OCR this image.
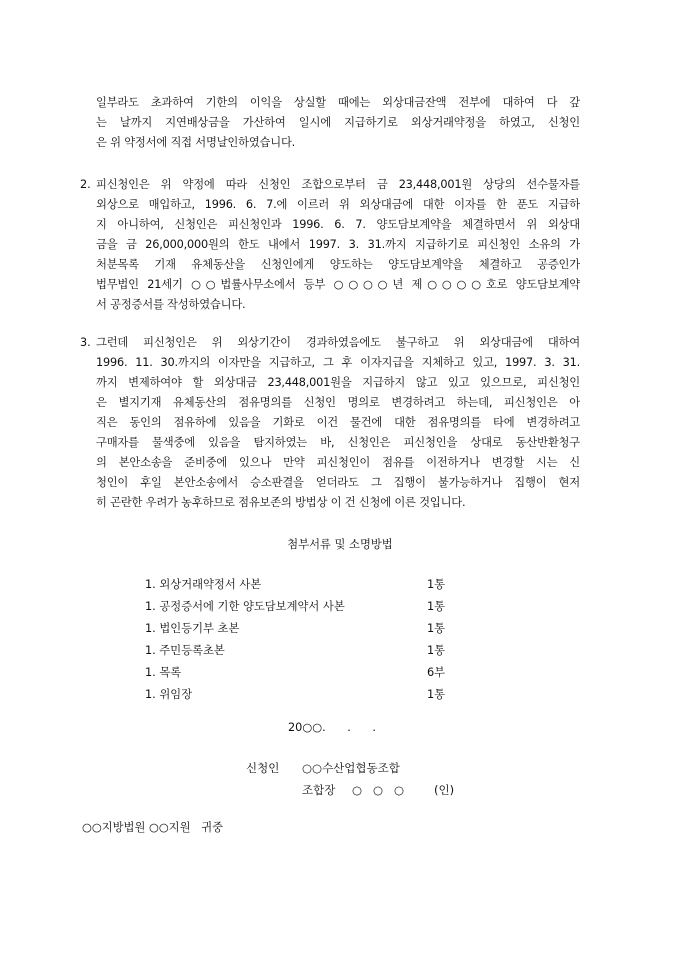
일부라도 초과하여 기한의 이익을 상실할 때에는 외상대금잔액 전부에 대하여 다 갚
는 날까지 지연배상금을 가산하여 일시에 지급하기로 외상거래약정을 하였고, 신청인
은 위 약정서에 직접 서명날인하였습니다.
2. 피신청인은 위 약정에 따라 신청인 조합으로부터 금 23,448,001원 상당의 선수물자를
외상으로 매입하고, 1996. 6. 7.에 이르러 위 외상대금에 대한 이자를 한 푼도 지급하
지 아니하여, 신청인은 피신청인과 1996. 6. 7. 양도담보계약을 체결하면서 위 외상대
금을 금 26,000,000원의 한도 내에서 1997. 3. 31.까지 지급하기로 피신청인 소유의 가
처분목록 기재 유체동산을 신청인에게 양도하는 양도담보계약을 체결하고 공증인가
법무법인 21세기 ○○법률사무소에서 등부 ○○○○년 제○○○○호로 양도담보계약
서 공정증서를 작성하였습니다.
3. 그런데 피신청인은 위 외상기간이 경과하였음에도 불구하고 위 외상대금에 대하여
1996. 11. 30.까지의 이자만을 지급하고, 그 후 이자지급을 지체하고 있고, 1997. 3. 31.
까지 변제하여야 할 외상대금 23,448,001원을 지급하지 않고 있고 있으므로, 피신청인
은 별지기재 유체동산의 점유명의를 신청인 명의로 변경하려고 하는데, 피신청인은 아
직은 동인의 점유하에 있음을 기화로 이건 물건에 대한 점유명의를 타에 변경하려고
구매자를 물색중에 있음을 탐지하였는 바, 신청인은 피신청인을 상대로 동산반환청구
의 본안소송을 준비중에 있으나 만약 피신청인이 점유를 이전하거나 변경할 시는 신
청인이 후일 본안소송에서 승소판결을 얻더라도 그 집행이 불가능하거나 집행이 현저
히 곤란한 우려가 농후하므로 점유보존의 방법상 이 건 신청에 이른 것입니다.
첨부서류 및 소명방법
1. 외상거래약정서 사본	1통
1. 공정증서에 기한 양도담보계약서 사본	1통
1. 법인등기부 초본	1통
1. 주민등록초본	1통
1. 목록	6부
1. 위임장	1통
20○○.      .      .
신청인 ○○수산업협동조합
조합장 ○   ○   ○	(인)
○○지방법원 ○○지원   귀중
